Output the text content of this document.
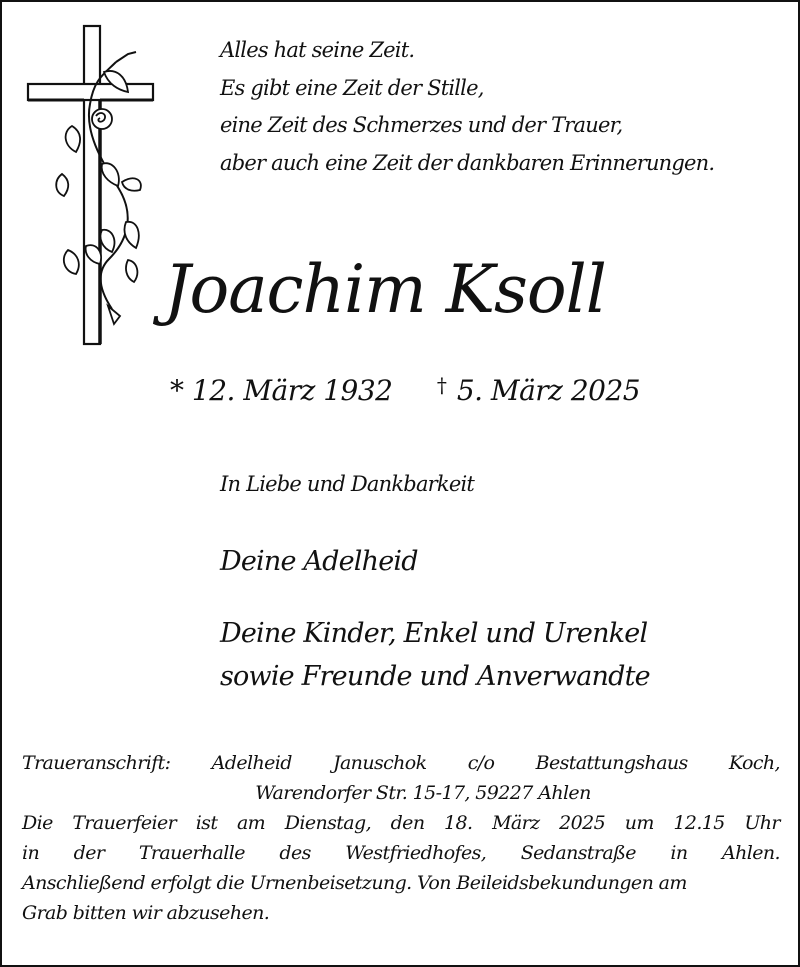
Alles hat seine Zeit.
Es gibt eine Zeit der Stille,
eine Zeit des Schmerzes und der Trauer,
aber auch eine Zeit der dankbaren Erinnerungen.
Joachim Ksoll
* 12. März 1932 † 5. März 2025
In Liebe und Dankbarkeit
Deine Adelheid
Deine Kinder, Enkel und Urenkel
sowie Freunde und Anverwandte
Traueranschrift: Adelheid Januschok c/o Bestattungshaus Koch,
Warendorfer Str. 15-17, 59227 Ahlen
Die Trauerfeier ist am Dienstag, den 18. März 2025 um 12.15 Uhr
in der Trauerhalle des Westfriedhofes, Sedanstraße in Ahlen.
Anschließend erfolgt die Urnenbeisetzung. Von Beileidsbekundungen am
Grab bitten wir abzusehen.
